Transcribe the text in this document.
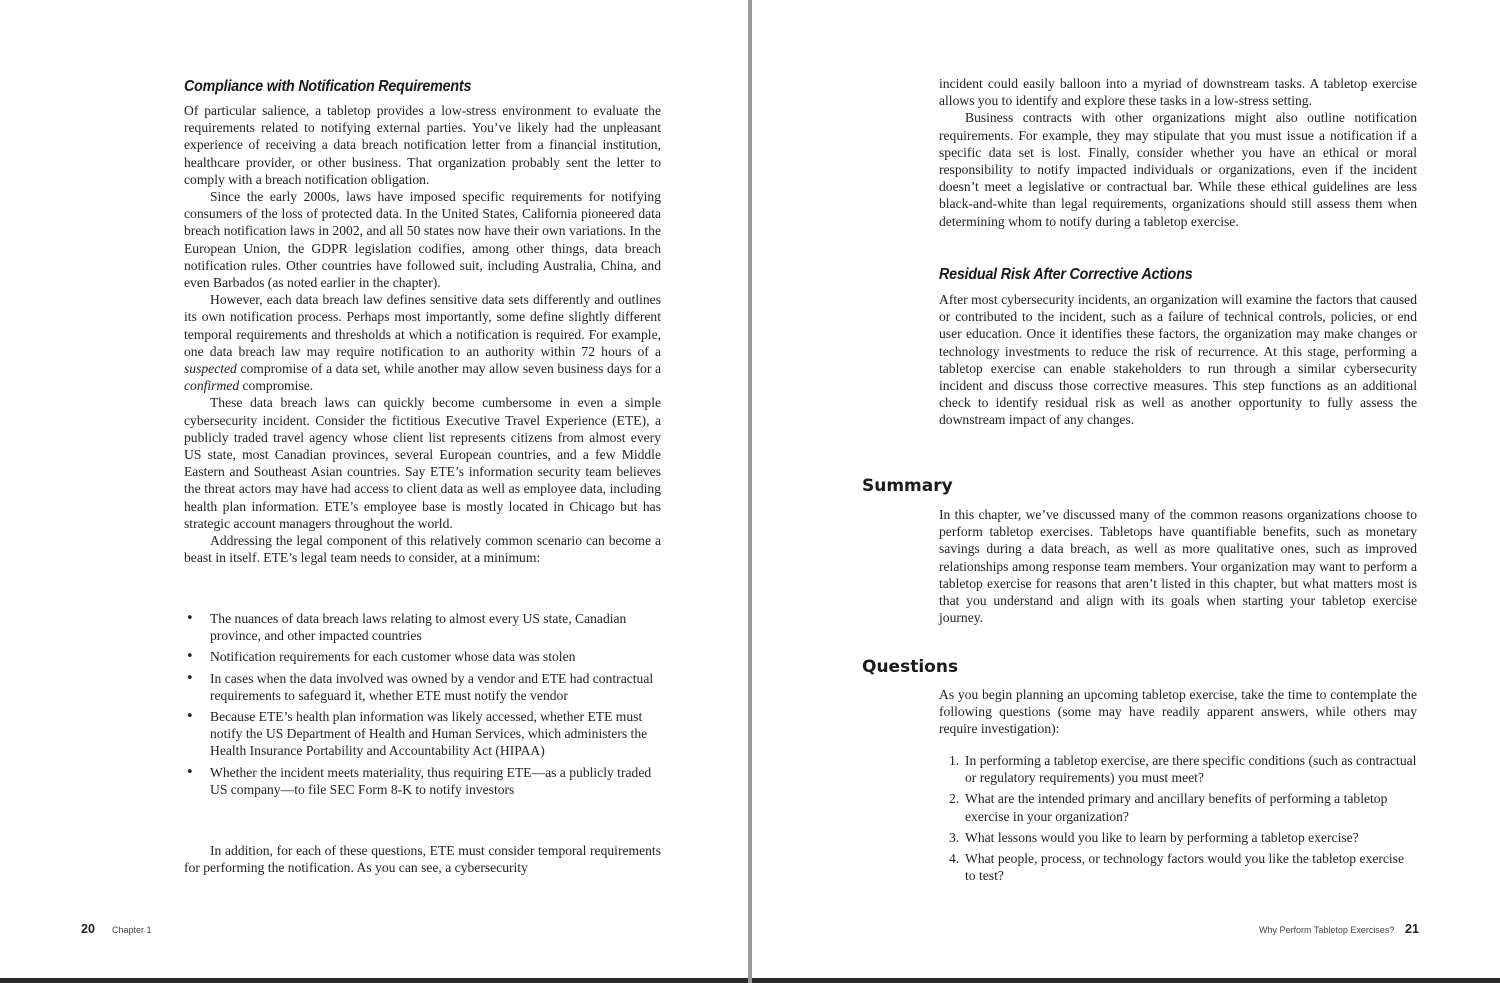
Compliance with Notification Requirements

Of particular salience, a tabletop provides a low-stress environment to evaluate the requirements related to notifying external parties. You’ve likely had the unpleasant experience of receiving a data breach notification letter from a financial institution, healthcare provider, or other business. That organization probably sent the letter to comply with a breach notification obligation.

Since the early 2000s, laws have imposed specific requirements for notifying consumers of the loss of protected data. In the United States, California pioneered data breach notification laws in 2002, and all 50 states now have their own variations. In the European Union, the GDPR legislation codifies, among other things, data breach notification rules. Other countries have followed suit, including Australia, China, and even Barbados (as noted earlier in the chapter).

However, each data breach law defines sensitive data sets differently and outlines its own notification process. Perhaps most importantly, some define slightly different temporal requirements and thresholds at which a notification is required. For example, one data breach law may require notification to an authority within 72 hours of a suspected compromise of a data set, while another may allow seven business days for a confirmed compromise.

These data breach laws can quickly become cumbersome in even a simple cybersecurity incident. Consider the fictitious Executive Travel Experience (ETE), a publicly traded travel agency whose client list represents citizens from almost every US state, most Canadian provinces, several European countries, and a few Middle Eastern and Southeast Asian countries. Say ETE’s information security team believes the threat actors may have had access to client data as well as employee data, including health plan information. ETE’s employee base is mostly located in Chicago but has strategic account managers throughout the world.

Addressing the legal component of this relatively common scenario can become a beast in itself. ETE’s legal team needs to consider, at a minimum:

• The nuances of data breach laws relating to almost every US state, Canadian province, and other impacted countries
• Notification requirements for each customer whose data was stolen
• In cases when the data involved was owned by a vendor and ETE had contractual requirements to safeguard it, whether ETE must notify the vendor
• Because ETE’s health plan information was likely accessed, whether ETE must notify the US Department of Health and Human Services, which administers the Health Insurance Portability and Accountability Act (HIPAA)
• Whether the incident meets materiality, thus requiring ETE—as a publicly traded US company—to file SEC Form 8-K to notify investors

In addition, for each of these questions, ETE must consider temporal requirements for performing the notification. As you can see, a cybersecurity

20 Chapter 1

incident could easily balloon into a myriad of downstream tasks. A tabletop exercise allows you to identify and explore these tasks in a low-stress setting.

Business contracts with other organizations might also outline notification requirements. For example, they may stipulate that you must issue a notification if a specific data set is lost. Finally, consider whether you have an ethical or moral responsibility to notify impacted individuals or organizations, even if the incident doesn’t meet a legislative or contractual bar. While these ethical guidelines are less black-and-white than legal requirements, organizations should still assess them when determining whom to notify during a tabletop exercise.

Residual Risk After Corrective Actions

After most cybersecurity incidents, an organization will examine the factors that caused or contributed to the incident, such as a failure of technical controls, policies, or end user education. Once it identifies these factors, the organization may make changes or technology investments to reduce the risk of recurrence. At this stage, performing a tabletop exercise can enable stakeholders to run through a similar cybersecurity incident and discuss those corrective measures. This step functions as an additional check to identify residual risk as well as another opportunity to fully assess the downstream impact of any changes.

Summary

In this chapter, we’ve discussed many of the common reasons organizations choose to perform tabletop exercises. Tabletops have quantifiable benefits, such as monetary savings during a data breach, as well as more qualitative ones, such as improved relationships among response team members. Your organization may want to perform a tabletop exercise for reasons that aren’t listed in this chapter, but what matters most is that you understand and align with its goals when starting your tabletop exercise journey.

Questions

As you begin planning an upcoming tabletop exercise, take the time to contemplate the following questions (some may have readily apparent answers, while others may require investigation):

1. In performing a tabletop exercise, are there specific conditions (such as contractual or regulatory requirements) you must meet?
2. What are the intended primary and ancillary benefits of performing a tabletop exercise in your organization?
3. What lessons would you like to learn by performing a tabletop exercise?
4. What people, process, or technology factors would you like the tabletop exercise to test?
Why Perform Tabletop Exercises? 21
